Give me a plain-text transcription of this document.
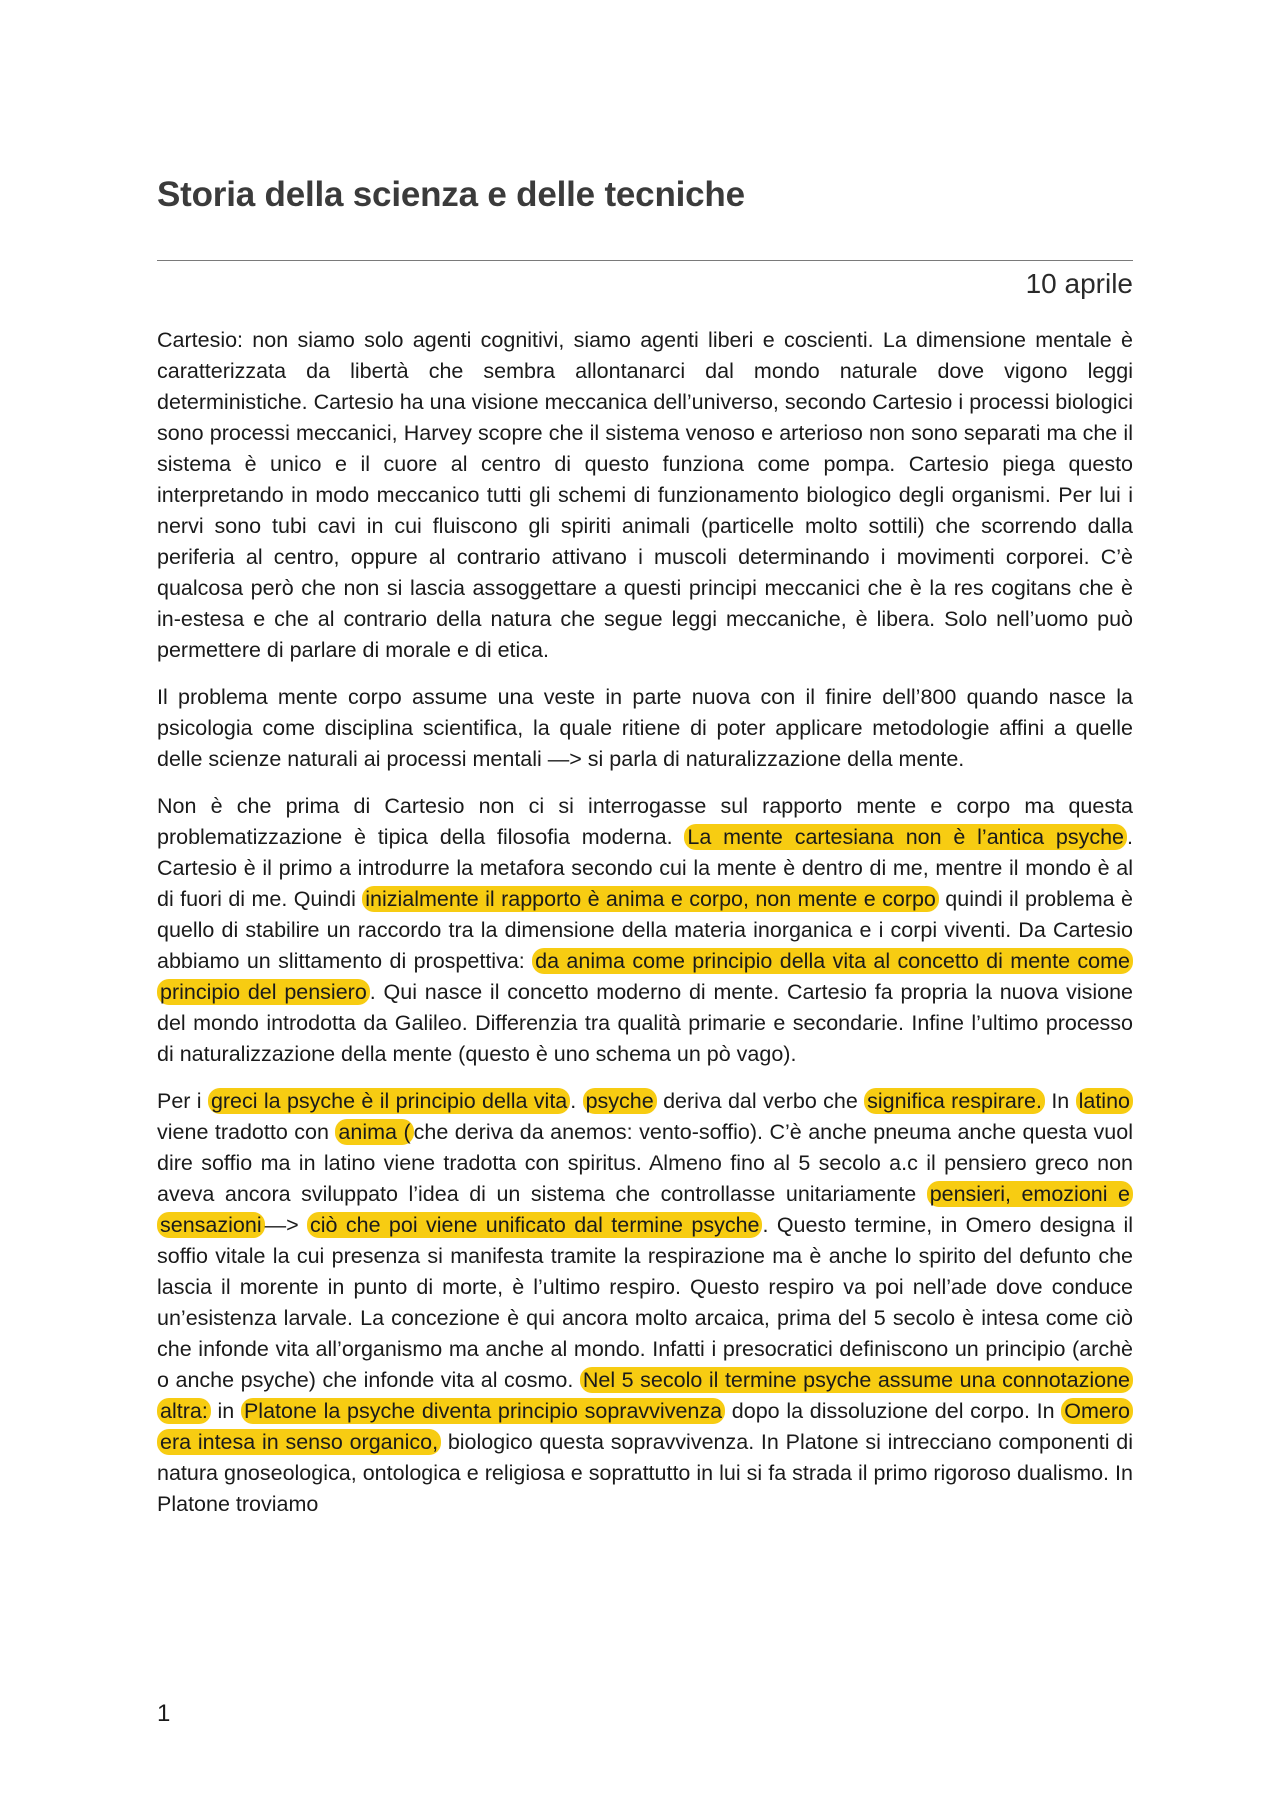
Storia della scienza e delle tecniche
10 aprile

Cartesio: non siamo solo agenti cognitivi, siamo agenti liberi e coscienti. La dimensione mentale è caratterizzata da libertà che sembra allontanarci dal mondo naturale dove vigono leggi deterministiche. Cartesio ha una visione meccanica dell’universo, secondo Cartesio i processi biologici sono processi meccanici, Harvey scopre che il sistema venoso e arterioso non sono separati ma che il sistema è unico e il cuore al centro di questo funziona come pompa. Cartesio piega questo interpretando in modo meccanico tutti gli schemi di funzionamento biologico degli organismi. Per lui i nervi sono tubi cavi in cui fluiscono gli spiriti animali (particelle molto sottili) che scorrendo dalla periferia al centro, oppure al contrario attivano i muscoli determinando i movimenti corporei. C’è qualcosa però che non si lascia assoggettare a questi principi meccanici che è la res cogitans che è in-estesa e che al contrario della natura che segue leggi meccaniche, è libera. Solo nell’uomo può permettere di parlare di morale e di etica.

Il problema mente corpo assume una veste in parte nuova con il finire dell’800 quando nasce la psicologia come disciplina scientifica, la quale ritiene di poter applicare metodologie affini a quelle delle scienze naturali ai processi mentali —> si parla di naturalizzazione della mente.

Non è che prima di Cartesio non ci si interrogasse sul rapporto mente e corpo ma questa problematizzazione è tipica della filosofia moderna. La mente cartesiana non è l’antica psyche . Cartesio è il primo a introdurre la metafora secondo cui la mente è dentro di me, mentre il mondo è al di fuori di me. Quindi inizialmente il rapporto è anima e corpo, non mente e corpo quindi il problema è quello di stabilire un raccordo tra la dimensione della materia inorganica e i corpi viventi. Da Cartesio abbiamo un slittamento di prospettiva: da anima come principio della vita al concetto di mente come principio del pensiero . Qui nasce il concetto moderno di mente. Cartesio fa propria la nuova visione del mondo introdotta da Galileo. Differenzia tra qualità primarie e secondarie. Infine l’ultimo processo di naturalizzazione della mente (questo è uno schema un pò vago).

Per i greci la psyche è il principio della vita . psyche deriva dal verbo che significa respirare. In latino viene tradotto con anima ( che deriva da anemos: vento-soffio). C’è anche pneuma anche questa vuol dire soffio ma in latino viene tradotta con spiritus. Almeno fino al 5 secolo a.c il pensiero greco non aveva ancora sviluppato l’idea di un sistema che controllasse unitariamente pensieri, emozioni e sensazioni —> ciò che poi viene unificato dal termine psyche . Questo termine, in Omero designa il soffio vitale la cui presenza si manifesta tramite la respirazione ma è anche lo spirito del defunto che lascia il morente in punto di morte, è l’ultimo respiro. Questo respiro va poi nell’ade dove conduce un’esistenza larvale. La concezione è qui ancora molto arcaica, prima del 5 secolo è intesa come ciò che infonde vita all’organismo ma anche al mondo. Infatti i presocratici definiscono un principio (archè o anche psyche) che infonde vita al cosmo. Nel 5 secolo il termine psyche assume una connotazione altra: in Platone la psyche diventa principio sopravvivenza dopo la dissoluzione del corpo. In Omero era intesa in senso organico, biologico questa sopravvivenza. In Platone si intrecciano componenti di natura gnoseologica, ontologica e religiosa e soprattutto in lui si fa strada il primo rigoroso dualismo. In Platone troviamo

1
